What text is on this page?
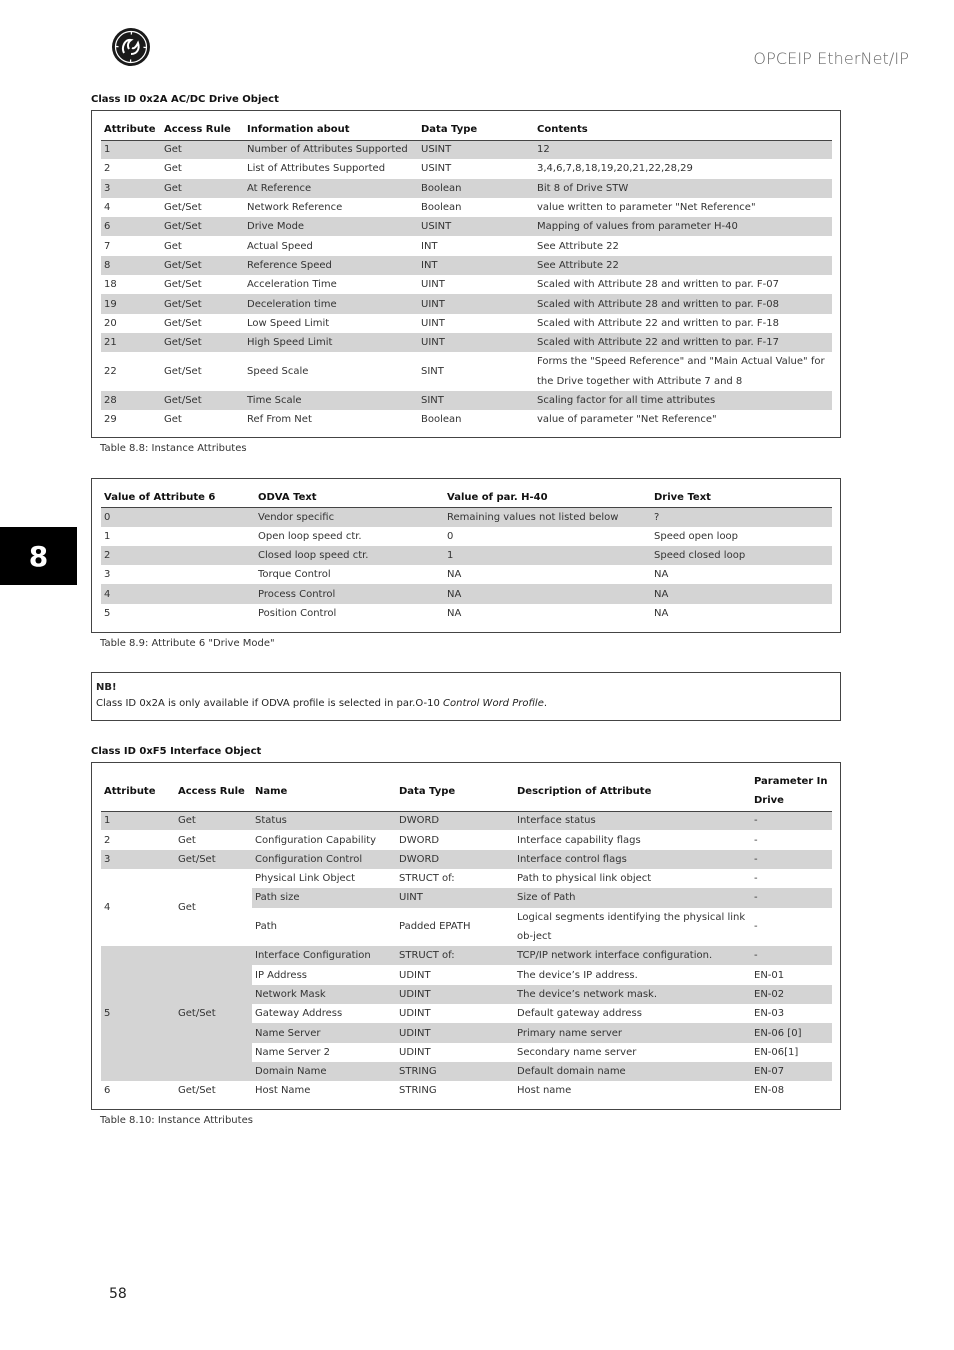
OPCEIP EtherNet/IP
8
Class ID 0x2A AC/DC Drive Object
Attribute	Access Rule	Information about	Data Type	Contents
1	Get	Number of Attributes Supported	USINT	12
2	Get	List of Attributes Supported	USINT	3,4,6,7,8,18,19,20,21,22,28,29
3	Get	At Reference	Boolean	Bit 8 of Drive STW
4	Get/Set	Network Reference	Boolean	value written to parameter "Net Reference"
6	Get/Set	Drive Mode	USINT	Mapping of values from parameter H-40
7	Get	Actual Speed	INT	See Attribute 22
8	Get/Set	Reference Speed	INT	See Attribute 22
18	Get/Set	Acceleration Time	UINT	Scaled with Attribute 28 and written to par. F-07
19	Get/Set	Deceleration time	UINT	Scaled with Attribute 28 and written to par. F-08
20	Get/Set	Low Speed Limit	UINT	Scaled with Attribute 22 and written to par. F-18
21	Get/Set	High Speed Limit	UINT	Scaled with Attribute 22 and written to par. F-17
22	Get/Set	Speed Scale	SINT	Forms the "Speed Reference" and "Main Actual Value" for the Drive together with Attribute 7 and 8
28	Get/Set	Time Scale	SINT	Scaling factor for all time attributes
29	Get	Ref From Net	Boolean	value of parameter "Net Reference"
Table 8.8: Instance Attributes
Value of Attribute 6	ODVA Text	Value of par. H-40	Drive Text
0	Vendor specific	Remaining values not listed below	?
1	Open loop speed ctr.	0	Speed open loop
2	Closed loop speed ctr.	1	Speed closed loop
3	Torque Control	NA	NA
4	Process Control	NA	NA
5	Position Control	NA	NA
Table 8.9: Attribute 6 "Drive Mode"
NB!
Class ID 0x2A is only available if ODVA profile is selected in par.O-10 Control Word Profile.
Class ID 0xF5 Interface Object
Attribute	Access Rule	Name	Data Type	Description of Attribute	Parameter In Drive
1	Get	Status	DWORD	Interface status	-
2	Get	Configuration Capability	DWORD	Interface capability flags	-
3	Get/Set	Configuration Control	DWORD	Interface control flags	-
4	Get	Physical Link Object	STRUCT of:	Path to physical link object	-
		Path size	UINT	Size of Path	-
		Path	Padded EPATH	Logical segments identifying the physical link ob-ject	-
5	Get/Set	Interface Configuration	STRUCT of:	TCP/IP network interface configuration.	-
		IP Address	UDINT	The device’s IP address.	EN-01
		Network Mask	UDINT	The device’s network mask.	EN-02
		Gateway Address	UDINT	Default gateway address	EN-03
		Name Server	UDINT	Primary name server	EN-06 [0]
		Name Server 2	UDINT	Secondary name server	EN-06[1]
		Domain Name	STRING	Default domain name	EN-07
6	Get/Set	Host Name	STRING	Host name	EN-08
Table 8.10: Instance Attributes
58
